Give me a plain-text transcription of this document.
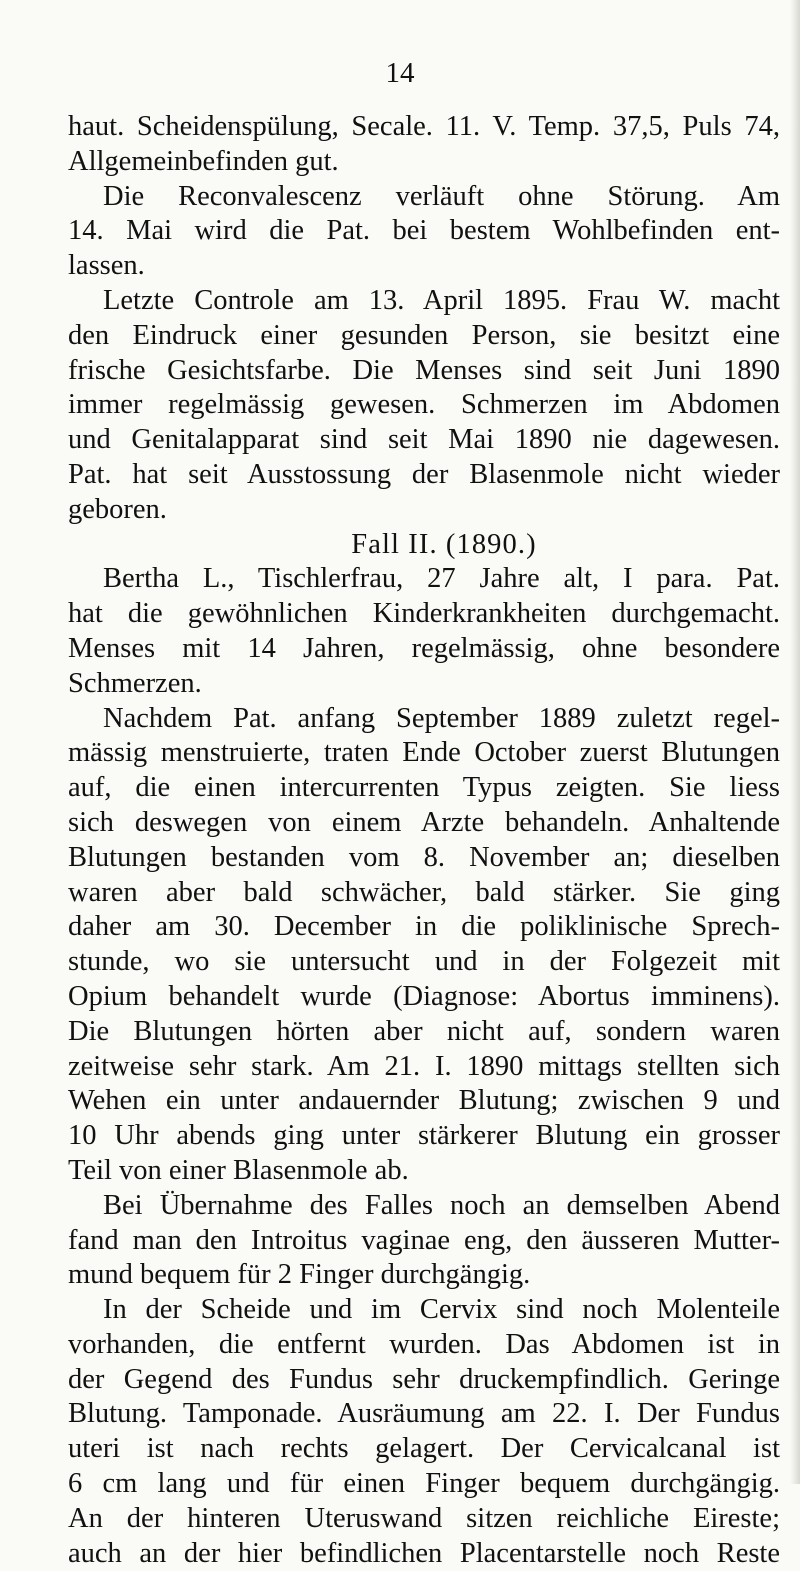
14
haut. Scheidenspülung, Secale. 11. V. Temp. 37,5, Puls 74,
Allgemeinbefinden gut.
Die Reconvalescenz verläuft ohne Störung. Am
14. Mai wird die Pat. bei bestem Wohlbefinden ent-
lassen.
Letzte Controle am 13. April 1895. Frau W. macht
den Eindruck einer gesunden Person, sie besitzt eine
frische Gesichtsfarbe. Die Menses sind seit Juni 1890
immer regelmässig gewesen. Schmerzen im Abdomen
und Genitalapparat sind seit Mai 1890 nie dagewesen.
Pat. hat seit Ausstossung der Blasenmole nicht wieder
geboren.
Fall II. (1890.)
Bertha L., Tischlerfrau, 27 Jahre alt, I para. Pat.
hat die gewöhnlichen Kinderkrankheiten durchgemacht.
Menses mit 14 Jahren, regelmässig, ohne besondere
Schmerzen.
Nachdem Pat. anfang September 1889 zuletzt regel-
mässig menstruierte, traten Ende October zuerst Blutungen
auf, die einen intercurrenten Typus zeigten. Sie liess
sich deswegen von einem Arzte behandeln. Anhaltende
Blutungen bestanden vom 8. November an; dieselben
waren aber bald schwächer, bald stärker. Sie ging
daher am 30. December in die poliklinische Sprech-
stunde, wo sie untersucht und in der Folgezeit mit
Opium behandelt wurde (Diagnose: Abortus imminens).
Die Blutungen hörten aber nicht auf, sondern waren
zeitweise sehr stark. Am 21. I. 1890 mittags stellten sich
Wehen ein unter andauernder Blutung; zwischen 9 und
10 Uhr abends ging unter stärkerer Blutung ein grosser
Teil von einer Blasenmole ab.
Bei Übernahme des Falles noch an demselben Abend
fand man den Introitus vaginae eng, den äusseren Mutter-
mund bequem für 2 Finger durchgängig.
In der Scheide und im Cervix sind noch Molenteile
vorhanden, die entfernt wurden. Das Abdomen ist in
der Gegend des Fundus sehr druckempfindlich. Geringe
Blutung. Tamponade. Ausräumung am 22. I. Der Fundus
uteri ist nach rechts gelagert. Der Cervicalcanal ist
6 cm lang und für einen Finger bequem durchgängig.
An der hinteren Uteruswand sitzen reichliche Eireste;
auch an der hier befindlichen Placentarstelle noch Reste
